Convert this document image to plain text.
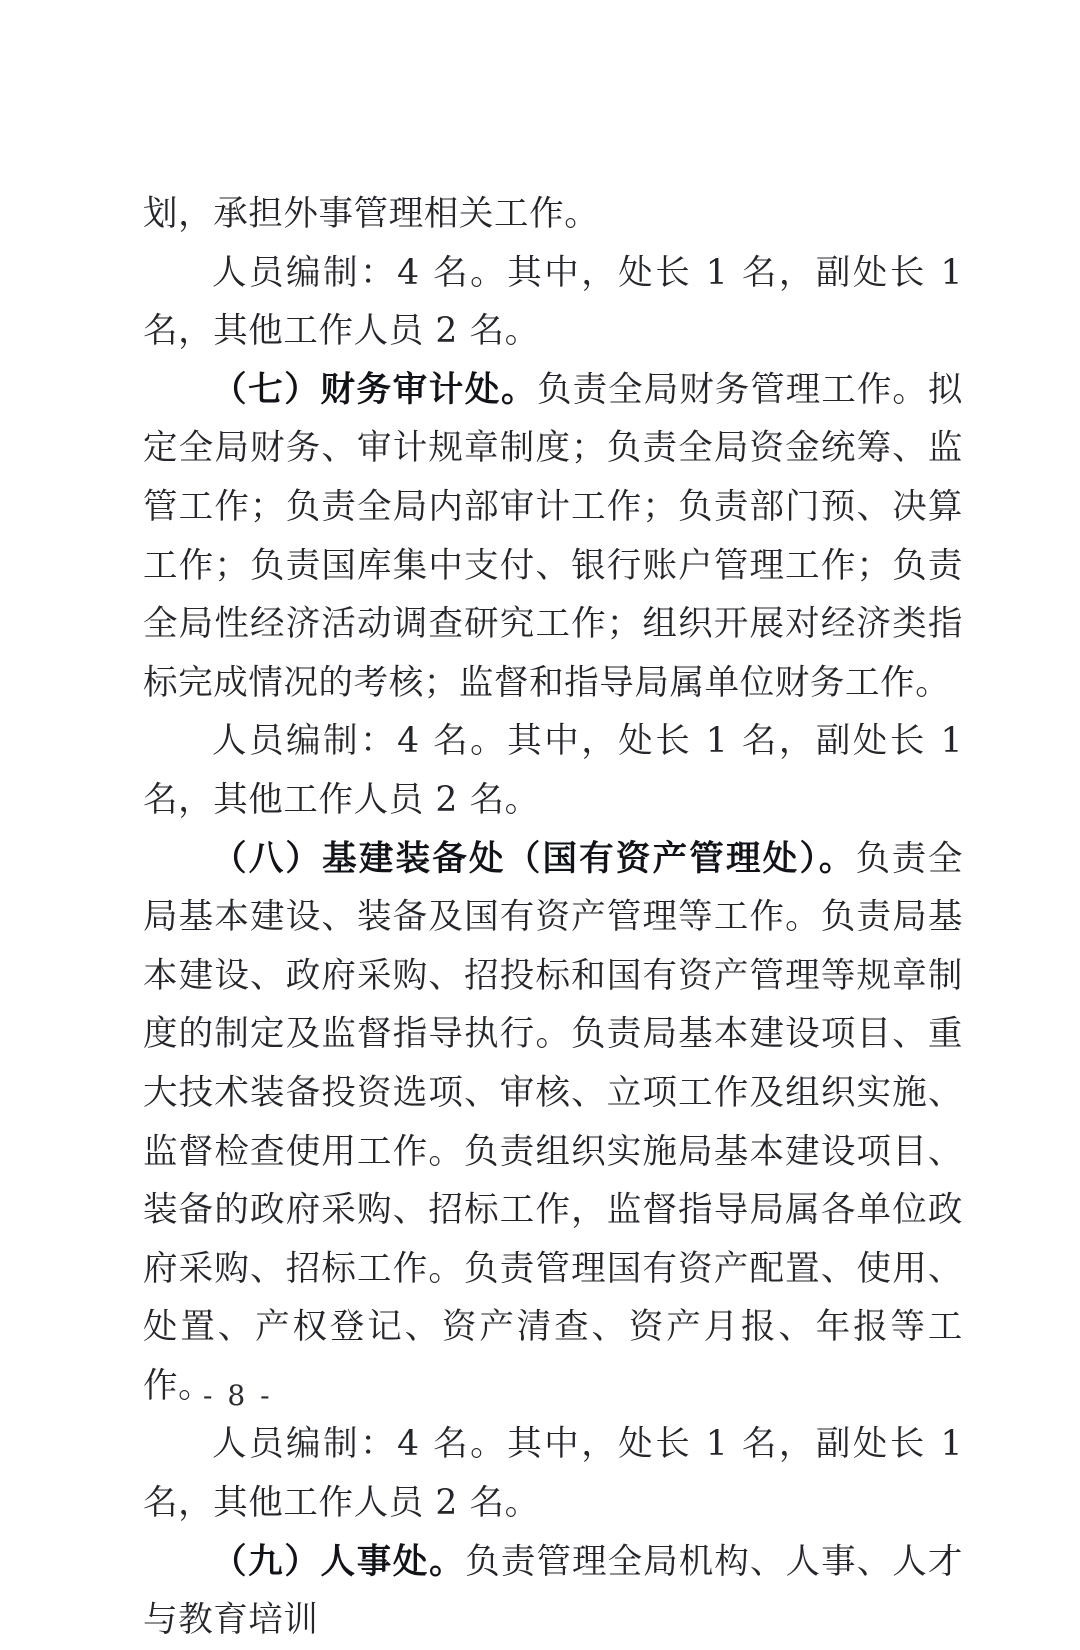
划，承担外事管理相关工作。

人员编制：4 名。其中，处长 1 名，副处长 1 名，其他工作人员 2 名。

（七）财务审计处。负责全局财务管理工作。拟定全局财务、审计规章制度；负责全局资金统筹、监管工作；负责全局内部审计工作；负责部门预、决算工作；负责国库集中支付、银行账户管理工作；负责全局性经济活动调查研究工作；组织开展对经济类指标完成情况的考核；监督和指导局属单位财务工作。

人员编制：4 名。其中，处长 1 名，副处长 1 名，其他工作人员 2 名。

（八）基建装备处（国有资产管理处）。负责全局基本建设、装备及国有资产管理等工作。负责局基本建设、政府采购、招投标和国有资产管理等规章制度的制定及监督指导执行。负责局基本建设项目、重大技术装备投资选项、审核、立项工作及组织实施、监督检查使用工作。负责组织实施局基本建设项目、装备的政府采购、招标工作，监督指导局属各单位政府采购、招标工作。负责管理国有资产配置、使用、处置、产权登记、资产清查、资产月报、年报等工作。

人员编制：4 名。其中，处长 1 名，副处长 1 名，其他工作人员 2 名。

（九）人事处。负责管理全局机构、人事、人才与教育培训

- 8 -
